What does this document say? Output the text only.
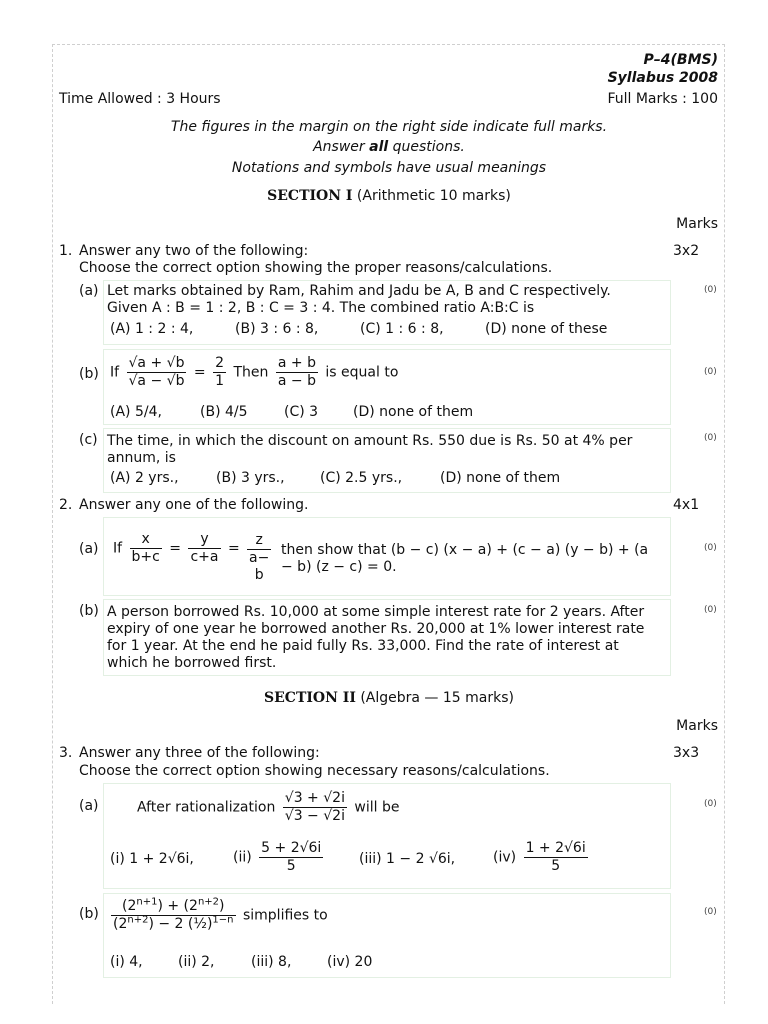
P–4(BMS)
Syllabus 2008
Time Allowed : 3 Hours	Full Marks : 100
The figures in the margin on the right side indicate full marks.
Answer all questions.
Notations and symbols have usual meanings
SECTION I (Arithmetic 10 marks)
Marks
1. Answer any two of the following:
Choose the correct option showing the proper reasons/calculations.
3x2
(a) Let marks obtained by Ram, Rahim and Jadu be A, B and C respectively.
Given A : B = 1 : 2, B : C = 3 : 4. The combined ratio A:B:C is
(A) 1 : 2 : 4,	(B) 3 : 6 : 8,	(C) 1 : 6 : 8,	(D) none of these
(0)
(b) If $\frac{√a + √b}{√a - √b} = \frac{2}{1}$ Then $\frac{a + b}{a - b}$ is equal to
(A) 5/4,	(B) 4/5	(C) 3 (D) none of them
(0)
(c) The time, in which the discount on amount Rs. 550 due is Rs. 50 at 4% per
annum, is
(A) 2 yrs.,	(B) 3 yrs.,	(C) 2.5 yrs.,	(D) none of them
(0)
2. Answer any one of the following.	4x1
(a) If $\frac{x}{b+c} = \frac{y}{c+a}$ =
z
a−
b
then show that (b − c) (x − a) + (c − a) (y − b) + (a
− b) (z − c) = 0.
(0)
(b) A person borrowed Rs. 10,000 at some simple interest rate for 2 years. After
expiry of one year he borrowed another Rs. 20,000 at 1% lower interest rate
for 1 year. At the end he paid fully Rs. 33,000. Find the rate of interest at
which he borrowed first.
(0)
SECTION II (Algebra — 15 marks)
Marks
3. Answer any three of the following:
Choose the correct option showing necessary reasons/calculations.
3x3
(a)	After rationalization $\frac{√3 + √2i}{√3 - √2i}$ will be
(i) 1 + 2√6i,	$(ii) \frac{5 + 2√6i}{5}$	(iii) 1 − 2 √6i,	$(iv) \frac{1 + 2√6i}{5}$
(0)
$(b) \frac{(2^{n+1}) + (2^{n+2})}{(2^{n+2}) - 2 (\frac{1}{2})^{1-n}}$ simplifies to
(i) 4,	(ii) 2,	(iii) 8,	(iv) 20
(0)
